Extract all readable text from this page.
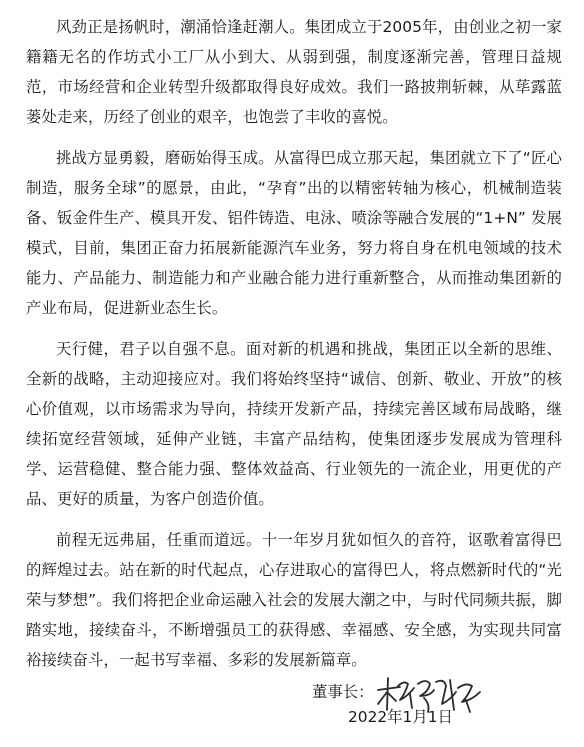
风劲正是扬帆时，潮涌恰逢赶潮人。集团成立于2005年，由创业之初一家籍籍无名的作坊式小工厂从小到大、从弱到强，制度逐渐完善，管理日益规范，市场经营和企业转型升级都取得良好成效。我们一路披荆斩棘，从荜露蓝蒌处走来，历经了创业的艰辛，也饱尝了丰收的喜悦。

挑战方显勇毅，磨砺始得玉成。从富得巴成立那天起，集团就立下了“匠心制造，服务全球”的愿景，由此，“孕育”出的以精密转轴为核心，机械制造装备、钣金件生产、模具开发、铝件铸造、电泳、喷涂等融合发展的“1+N” 发展模式，目前，集团正奋力拓展新能源汽车业务，努力将自身在机电领域的技术能力、产品能力、制造能力和产业融合能力进行重新整合，从而推动集团新的产业布局，促进新业态生长。

天行健，君子以自强不息。面对新的机遇和挑战，集团正以全新的思维、全新的战略，主动迎接应对。我们将始终坚持“诚信、创新、敬业、开放”的核心价值观，以市场需求为导向，持续开发新产品，持续完善区域布局战略，继续拓宽经营领域，延伸产业链，丰富产品结构，使集团逐步发展成为管理科学、运营稳健、整合能力强、整体效益高、行业领先的一流企业，用更优的产品、更好的质量，为客户创造价值。

前程无远弗届，任重而道远。十一年岁月犹如恒久的音符，讴歌着富得巴的辉煌过去。站在新的时代起点，心存进取心的富得巴人，将点燃新时代的“光荣与梦想”。我们将把企业命运融入社会的发展大潮之中，与时代同频共振，脚踏实地，接续奋斗，不断增强员工的获得感、幸福感、安全感，为实现共同富裕接续奋斗，一起书写幸福、多彩的发展新篇章。

董事长：
2022年1月1日
